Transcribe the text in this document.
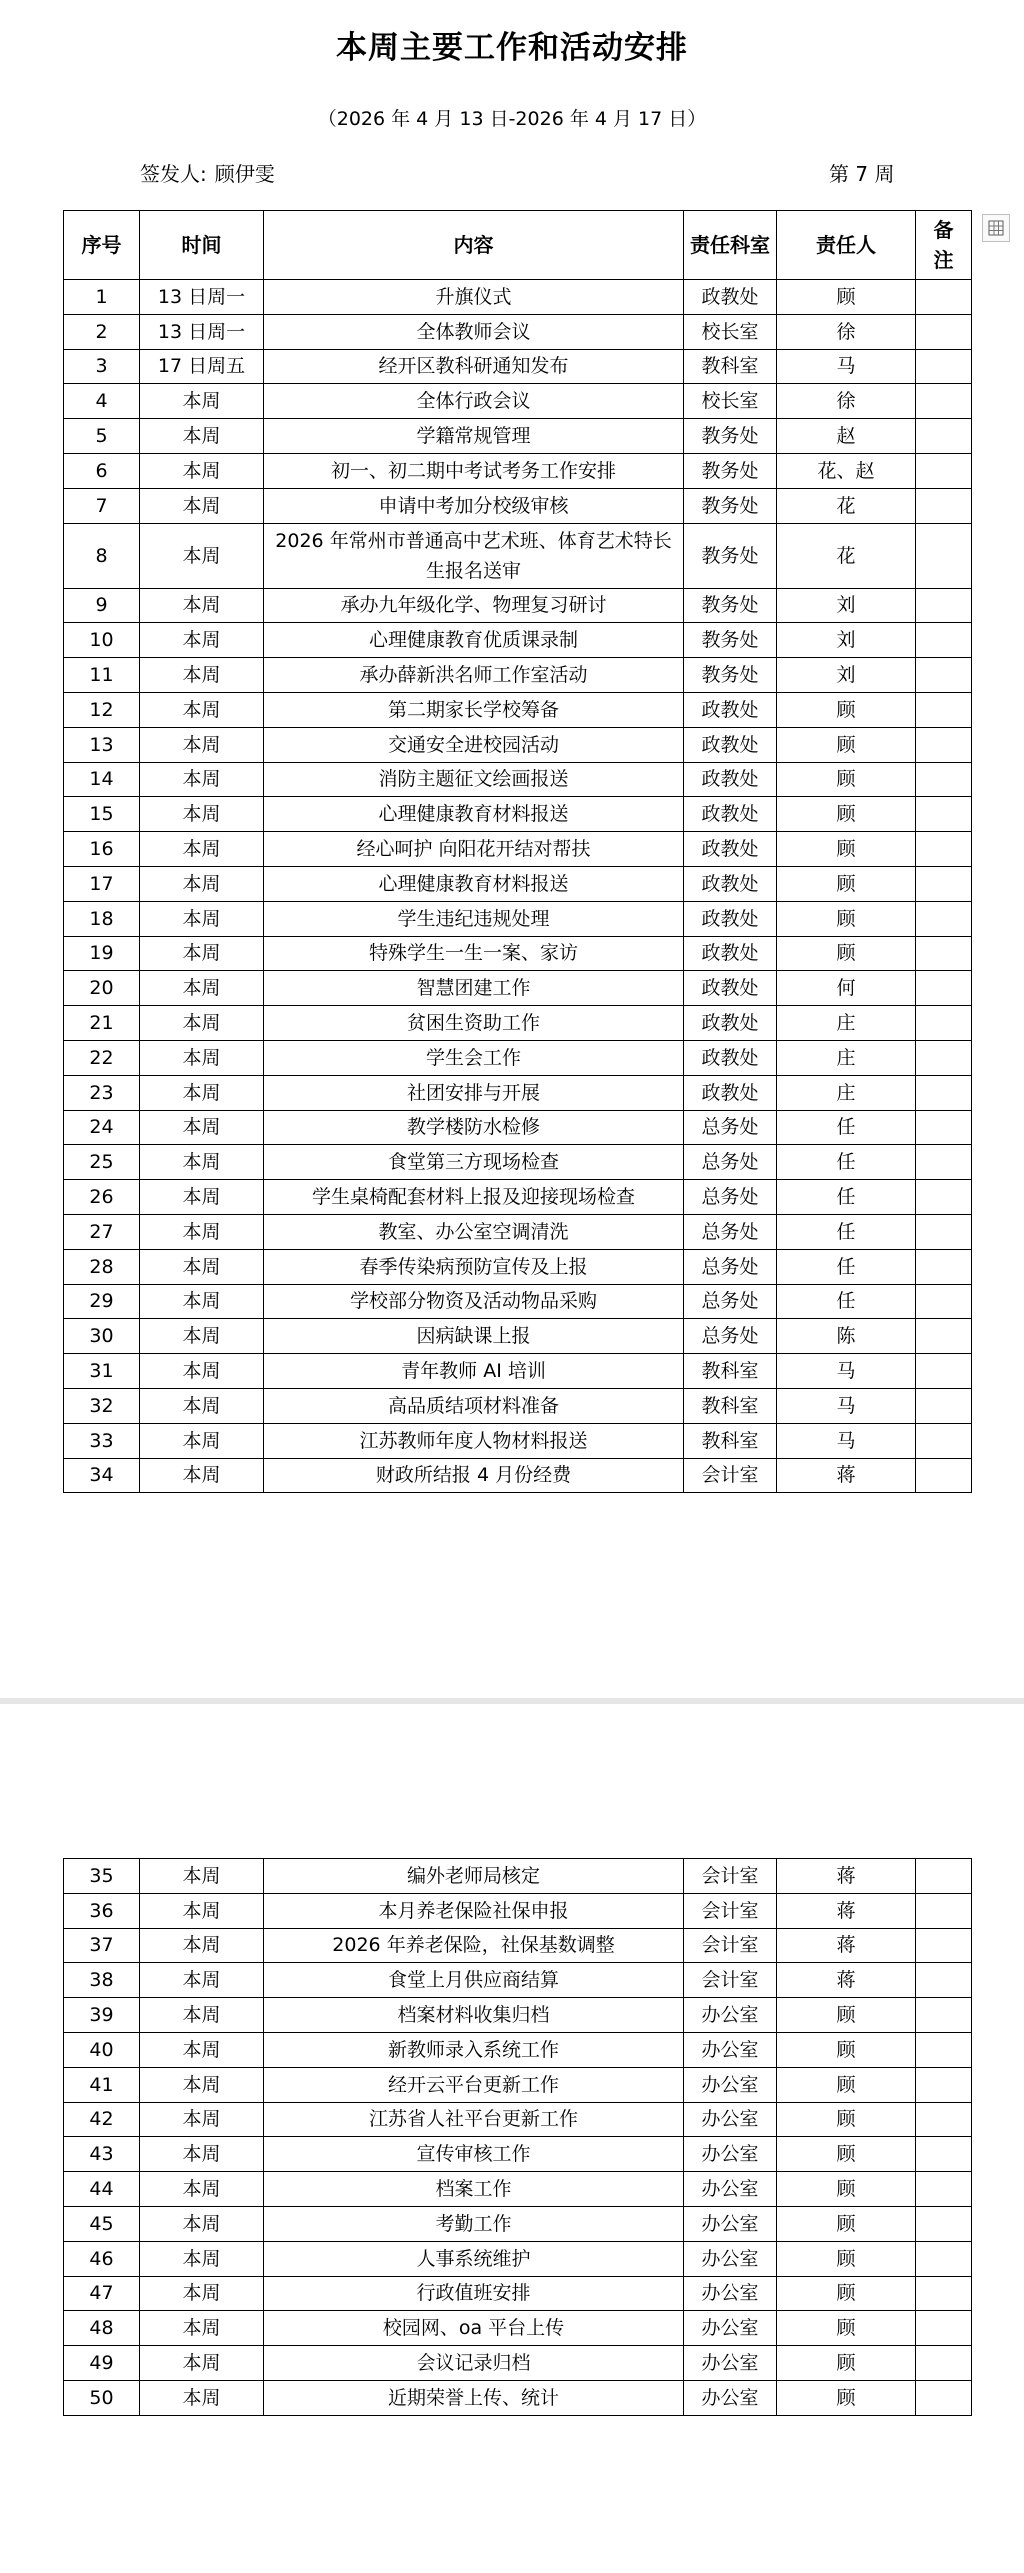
本周主要工作和活动安排
（2026 年 4 月 13 日-2026 年 4 月 17 日）
签发人: 顾伊雯	第 7 周
序号	时间	内容	责任科室	责任人	备注
1	13 日周一	升旗仪式	政教处	顾	
2	13 日周一	全体教师会议	校长室	徐	
3	17 日周五	经开区教科研通知发布	教科室	马	
4	本周	全体行政会议	校长室	徐	
5	本周	学籍常规管理	教务处	赵	
6	本周	初一、初二期中考试考务工作安排	教务处	花、赵	
7	本周	申请中考加分校级审核	教务处	花	
8	本周	2026 年常州市普通高中艺术班、体育艺术特长生报名送审	教务处	花	
9	本周	承办九年级化学、物理复习研讨	教务处	刘	
10	本周	心理健康教育优质课录制	教务处	刘	
11	本周	承办薛新洪名师工作室活动	教务处	刘	
12	本周	第二期家长学校筹备	政教处	顾	
13	本周	交通安全进校园活动	政教处	顾	
14	本周	消防主题征文绘画报送	政教处	顾	
15	本周	心理健康教育材料报送	政教处	顾	
16	本周	经心呵护 向阳花开结对帮扶	政教处	顾	
17	本周	心理健康教育材料报送	政教处	顾	
18	本周	学生违纪违规处理	政教处	顾	
19	本周	特殊学生一生一案、家访	政教处	顾	
20	本周	智慧团建工作	政教处	何	
21	本周	贫困生资助工作	政教处	庄	
22	本周	学生会工作	政教处	庄	
23	本周	社团安排与开展	政教处	庄	
24	本周	教学楼防水检修	总务处	任	
25	本周	食堂第三方现场检查	总务处	任	
26	本周	学生桌椅配套材料上报及迎接现场检查	总务处	任	
27	本周	教室、办公室空调清洗	总务处	任	
28	本周	春季传染病预防宣传及上报	总务处	任	
29	本周	学校部分物资及活动物品采购	总务处	任	
30	本周	因病缺课上报	总务处	陈	
31	本周	青年教师 AI 培训	教科室	马	
32	本周	高品质结项材料准备	教科室	马	
33	本周	江苏教师年度人物材料报送	教科室	马	
34	本周	财政所结报 4 月份经费	会计室	蒋	
35	本周	编外老师局核定	会计室	蒋	
36	本周	本月养老保险社保申报	会计室	蒋	
37	本周	2026 年养老保险，社保基数调整	会计室	蒋	
38	本周	食堂上月供应商结算	会计室	蒋	
39	本周	档案材料收集归档	办公室	顾	
40	本周	新教师录入系统工作	办公室	顾	
41	本周	经开云平台更新工作	办公室	顾	
42	本周	江苏省人社平台更新工作	办公室	顾	
43	本周	宣传审核工作	办公室	顾	
44	本周	档案工作	办公室	顾	
45	本周	考勤工作	办公室	顾	
46	本周	人事系统维护	办公室	顾	
47	本周	行政值班安排	办公室	顾	
48	本周	校园网、oa 平台上传	办公室	顾	
49	本周	会议记录归档	办公室	顾	
50	本周	近期荣誉上传、统计	办公室	顾	
